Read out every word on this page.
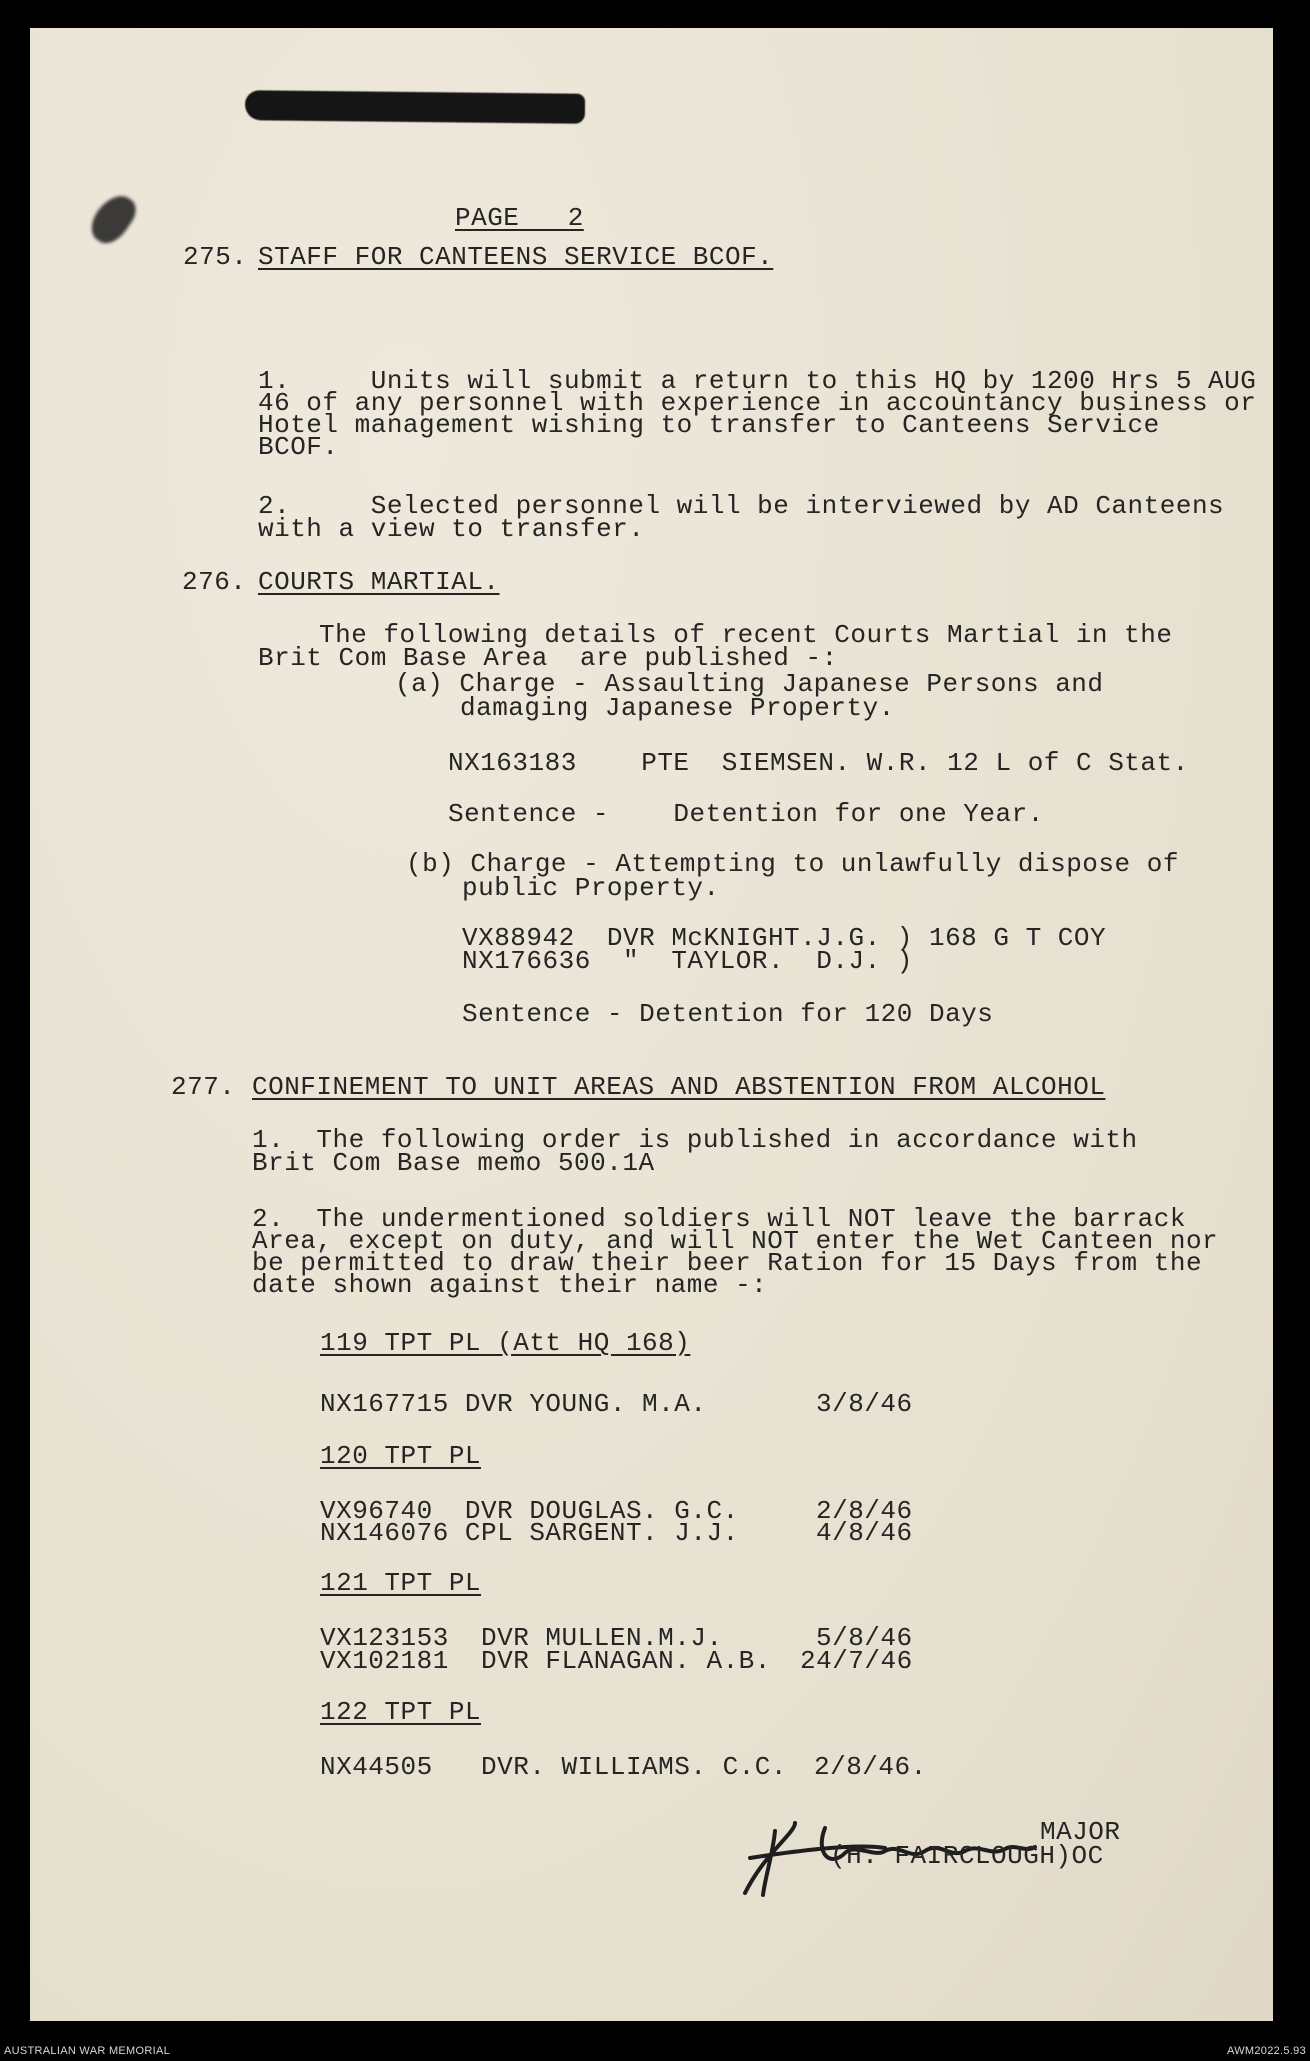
PAGE   2
275. STAFF FOR CANTEENS SERVICE BCOF.
1.     Units will submit a return to this HQ by 1200 Hrs 5 AUG
46 of any personnel with experience in accountancy business or
Hotel management wishing to transfer to Canteens Service
BCOF.
2.     Selected personnel will be interviewed by AD Canteens
with a view to transfer.
276. COURTS MARTIAL.
The following details of recent Courts Martial in the
Brit Com Base Area  are published -:
(a) Charge - Assaulting Japanese Persons and
damaging Japanese Property.
NX163183    PTE  SIEMSEN. W.R. 12 L of C Stat.
Sentence -    Detention for one Year.
(b) Charge - Attempting to unlawfully dispose of
public Property.
VX88942  DVR McKNIGHT.J.G. ) 168 G T COY
NX176636  "  TAYLOR.  D.J. )
Sentence - Detention for 120 Days
277. CONFINEMENT TO UNIT AREAS AND ABSTENTION FROM ALCOHOL
1.  The following order is published in accordance with
Brit Com Base memo 500.1A
2.  The undermentioned soldiers will NOT leave the barrack
Area, except on duty, and will NOT enter the Wet Canteen nor
be permitted to draw their beer Ration for 15 Days from the
date shown against their name -:
119 TPT PL (Att HQ 168)
NX167715 DVR YOUNG. M.A.	3/8/46
120 TPT PL
VX96740  DVR DOUGLAS. G.C.	2/8/46
NX146076 CPL SARGENT. J.J.	4/8/46
121 TPT PL
VX123153  DVR MULLEN.M.J.	5/8/46
VX102181  DVR FLANAGAN. A.B. 24/7/46
122 TPT PL
NX44505   DVR. WILLIAMS. C.C. 2/8/46.
MAJOR
(H. FAIRCLOUGH)OC
AUSTRALIAN WAR MEMORIAL	AWM2022.5.93
